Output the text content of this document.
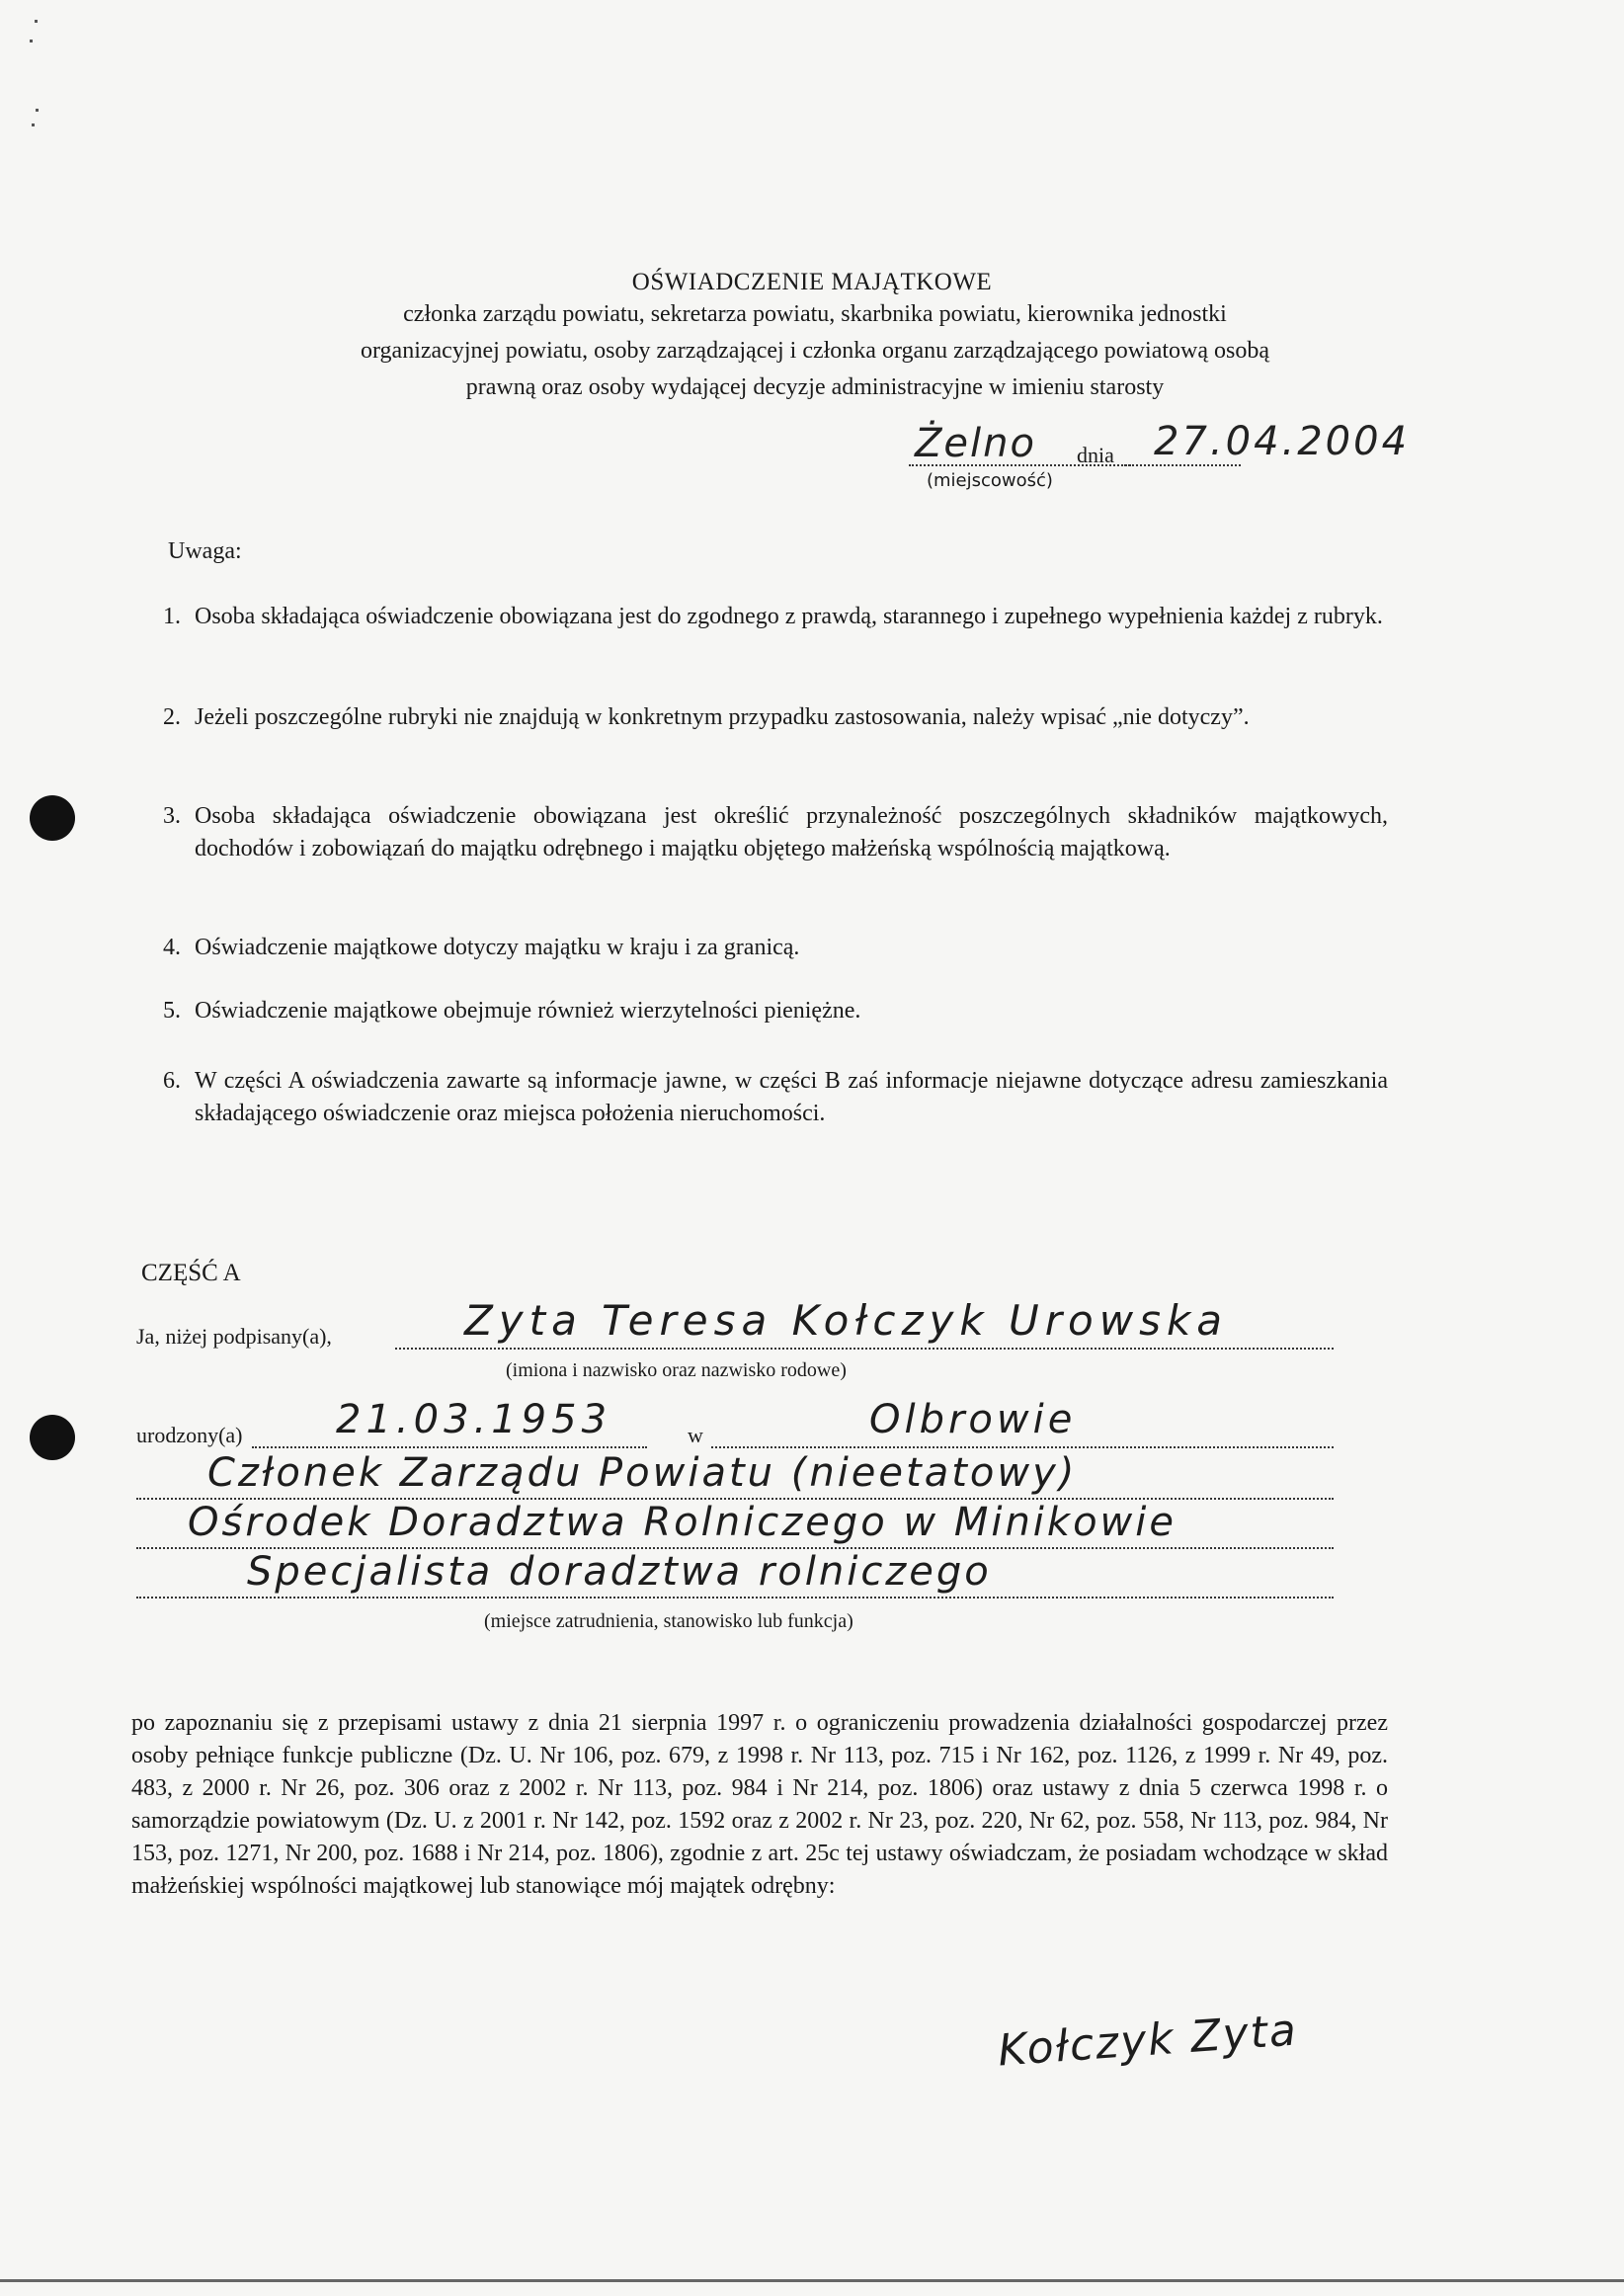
OŚWIADCZENIE MAJĄTKOWE
członka zarządu powiatu, sekretarza powiatu, skarbnika powiatu, kierownika jednostki
organizacyjnej powiatu, osoby zarządzającej i członka organu zarządzającego powiatową osobą
prawną oraz osoby wydającej decyzje administracyjne w imieniu starosty
Żelno dnia 27.04.2004
(miejscowość)
Uwaga:
1. Osoba składająca oświadczenie obowiązana jest do zgodnego z prawdą, starannego i zupełnego wypełnienia każdej z rubryk.
2. Jeżeli poszczególne rubryki nie znajdują w konkretnym przypadku zastosowania, należy wpisać „nie dotyczy”.
3. Osoba składająca oświadczenie obowiązana jest określić przynależność poszczególnych składników majątkowych, dochodów i zobowiązań do majątku odrębnego i majątku objętego małżeńską wspólnością majątkową.
4. Oświadczenie majątkowe dotyczy majątku w kraju i za granicą.
5. Oświadczenie majątkowe obejmuje również wierzytelności pieniężne.
6. W części A oświadczenia zawarte są informacje jawne, w części B zaś informacje niejawne dotyczące adresu zamieszkania składającego oświadczenie oraz miejsca położenia nieruchomości.
CZĘŚĆ A
Ja, niżej podpisany(a),	Zyta Teresa Kołczyk Urowska
(imiona i nazwisko oraz nazwisko rodowe)
urodzony(a) 21.03.1953	w	Olbrowie
Członek Zarządu Powiatu (nieetatowy)
Ośrodek Doradztwa Rolniczego w Minikowie
Specjalista doradztwa rolniczego
(miejsce zatrudnienia, stanowisko lub funkcja)
po zapoznaniu się z przepisami ustawy z dnia 21 sierpnia 1997 r. o ograniczeniu prowadzenia działalności gospodarczej przez osoby pełniące funkcje publiczne (Dz. U. Nr 106, poz. 679, z 1998 r. Nr 113, poz. 715 i Nr 162, poz. 1126, z 1999 r. Nr 49, poz. 483, z 2000 r. Nr 26, poz. 306 oraz z 2002 r. Nr 113, poz. 984 i Nr 214, poz. 1806) oraz ustawy z dnia 5 czerwca 1998 r. o samorządzie powiatowym (Dz. U. z 2001 r. Nr 142, poz. 1592 oraz z 2002 r. Nr 23, poz. 220, Nr 62, poz. 558, Nr 113, poz. 984, Nr 153, poz. 1271, Nr 200, poz. 1688 i Nr 214, poz. 1806), zgodnie z art. 25c tej ustawy oświadczam, że posiadam wchodzące w skład małżeńskiej wspólności majątkowej lub stanowiące mój majątek odrębny:
Kołczyk Zyta
